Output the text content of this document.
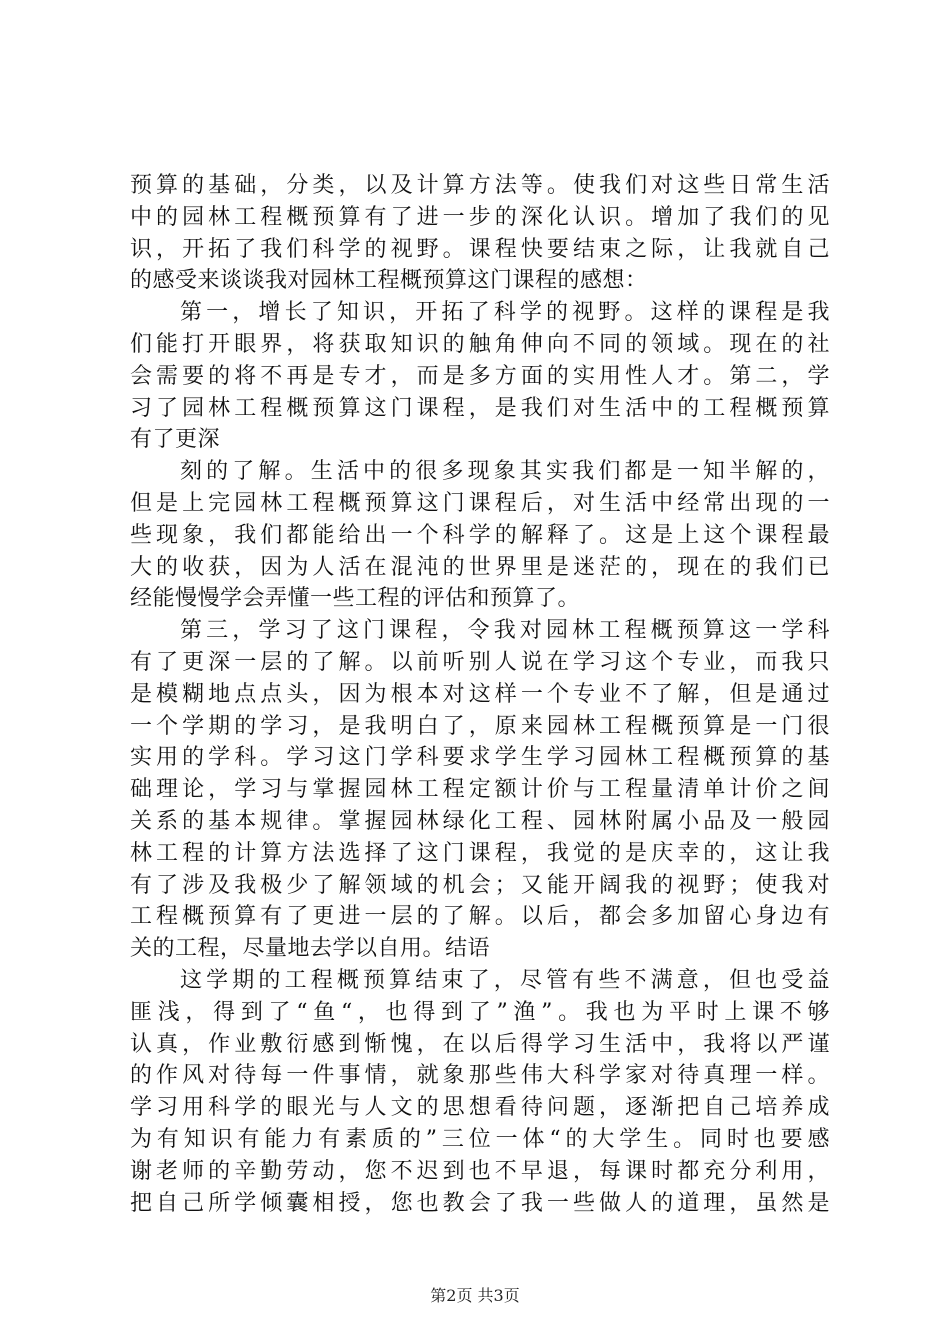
预算的基础，分类，以及计算方法等。使我们对这些日常生活
中的园林工程概预算有了进一步的深化认识。增加了我们的见
识，开拓了我们科学的视野。课程快要结束之际，让我就自己
的感受来谈谈我对园林工程概预算这门课程的感想：
第一，增长了知识，开拓了科学的视野。这样的课程是我
们能打开眼界，将获取知识的触角伸向不同的领域。现在的社
会需要的将不再是专才，而是多方面的实用性人才。第二，学
习了园林工程概预算这门课程，是我们对生活中的工程概预算
有了更深
刻的了解。生活中的很多现象其实我们都是一知半解的，
但是上完园林工程概预算这门课程后，对生活中经常出现的一
些现象，我们都能给出一个科学的解释了。这是上这个课程最
大的收获，因为人活在混沌的世界里是迷茫的，现在的我们已
经能慢慢学会弄懂一些工程的评估和预算了。
第三，学习了这门课程，令我对园林工程概预算这一学科
有了更深一层的了解。以前听别人说在学习这个专业，而我只
是模糊地点点头，因为根本对这样一个专业不了解，但是通过
一个学期的学习，是我明白了，原来园林工程概预算是一门很
实用的学科。学习这门学科要求学生学习园林工程概预算的基
础理论，学习与掌握园林工程定额计价与工程量清单计价之间
关系的基本规律。掌握园林绿化工程、园林附属小品及一般园
林工程的计算方法选择了这门课程，我觉的是庆幸的，这让我
有了涉及我极少了解领域的机会；又能开阔我的视野；使我对
工程概预算有了更进一层的了解。以后，都会多加留心身边有
关的工程，尽量地去学以自用。结语
这学期的工程概预算结束了，尽管有些不满意，但也受益
匪浅，得到了“鱼“，也得到了”渔”。我也为平时上课不够
认真，作业敷衍感到惭愧，在以后得学习生活中，我将以严谨
的作风对待每一件事情，就象那些伟大科学家对待真理一样。
学习用科学的眼光与人文的思想看待问题，逐渐把自己培养成
为有知识有能力有素质的”三位一体“的大学生。同时也要感
谢老师的辛勤劳动，您不迟到也不早退，每课时都充分利用，
把自己所学倾囊相授，您也教会了我一些做人的道理，虽然是
第2页 共3页
